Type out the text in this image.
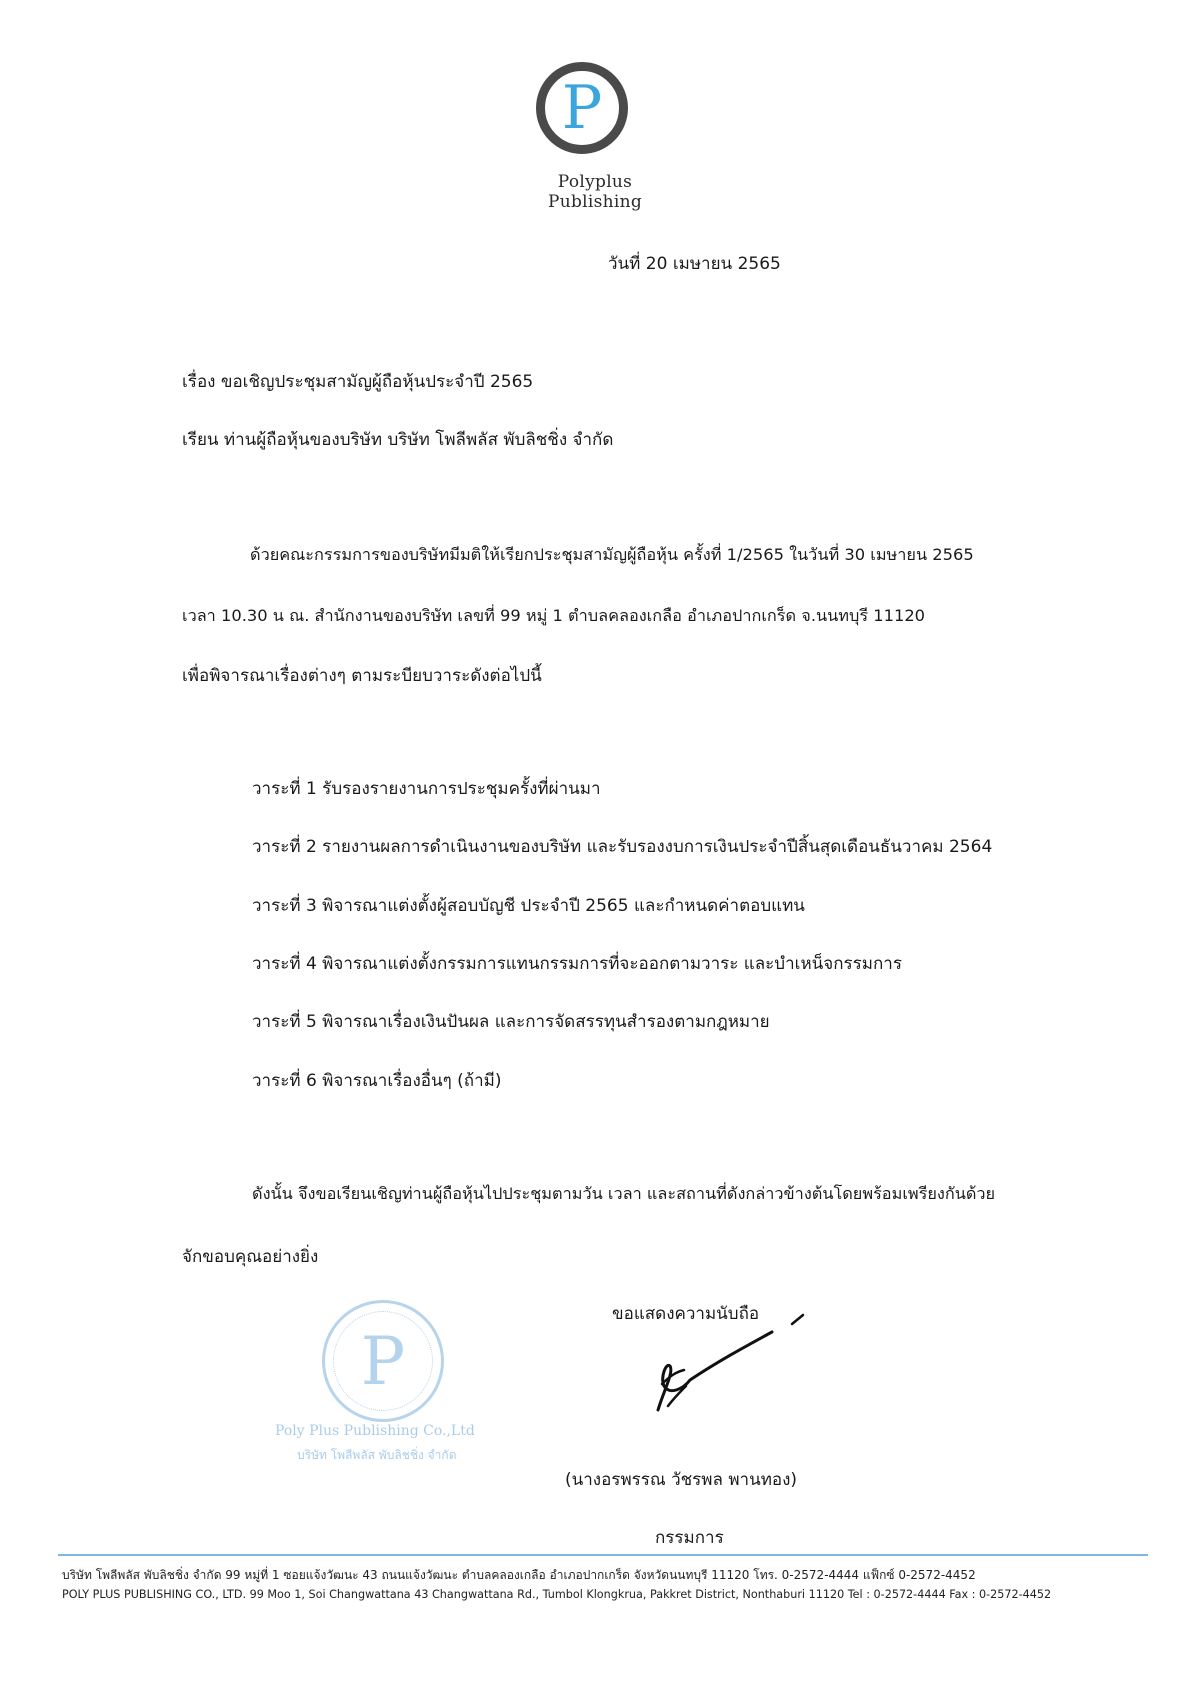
P
Polyplus
Publishing
วันที่ 20 เมษายน 2565
เรื่อง ขอเชิญประชุมสามัญผู้ถือหุ้นประจำปี 2565
เรียน ท่านผู้ถือหุ้นของบริษัท บริษัท โพลีพลัส พับลิชชิ่ง จำกัด
ด้วยคณะกรรมการของบริษัทมีมติให้เรียกประชุมสามัญผู้ถือหุ้น ครั้งที่ 1/2565 ในวันที่ 30 เมษายน 2565
เวลา 10.30 น ณ. สำนักงานของบริษัท เลขที่ 99 หมู่ 1 ตำบลคลองเกลือ อำเภอปากเกร็ด จ.นนทบุรี 11120
เพื่อพิจารณาเรื่องต่างๆ ตามระบียบวาระดังต่อไปนี้
วาระที่ 1 รับรองรายงานการประชุมครั้งที่ผ่านมา
วาระที่ 2 รายงานผลการดำเนินงานของบริษัท และรับรองงบการเงินประจำปีสิ้นสุดเดือนธันวาคม 2564
วาระที่ 3 พิจารณาแต่งตั้งผู้สอบบัญชี ประจำปี 2565 และกำหนดค่าตอบแทน
วาระที่ 4 พิจารณาแต่งตั้งกรรมการแทนกรรมการที่จะออกตามวาระ และบำเหน็จกรรมการ
วาระที่ 5 พิจารณาเรื่องเงินปันผล และการจัดสรรทุนสำรองตามกฎหมาย
วาระที่ 6 พิจารณาเรื่องอื่นๆ (ถ้ามี)
ดังนั้น จึงขอเรียนเชิญท่านผู้ถือหุ้นไปประชุมตามวัน เวลา และสถานที่ดังกล่าวข้างต้นโดยพร้อมเพรียงกันด้วย
จักขอบคุณอย่างยิ่ง
ขอแสดงความนับถือ
P
Poly Plus Publishing Co.,Ltd
บริษัท โพลีพลัส พับลิชชิ่ง จำกัด
(นางอรพรรณ วัชรพล พานทอง)
กรรมการ
บริษัท โพลีพลัส พับลิชชิ่ง จำกัด 99 หมู่ที่ 1 ซอยแจ้งวัฒนะ 43 ถนนแจ้งวัฒนะ ตำบลคลองเกลือ อำเภอปากเกร็ด จังหวัดนนทบุรี 11120 โทร. 0-2572-4444 แฟ็กซ์ 0-2572-4452
POLY PLUS PUBLISHING CO., LTD. 99 Moo 1, Soi Changwattana 43 Changwattana Rd., Tumbol Klongkrua, Pakkret District, Nonthaburi 11120 Tel : 0-2572-4444 Fax : 0-2572-4452
